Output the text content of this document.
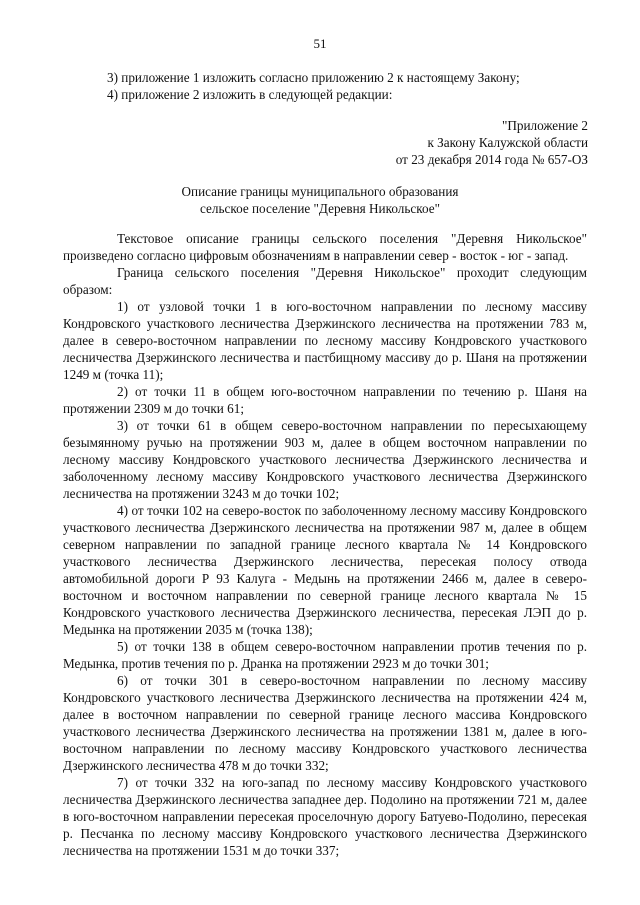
51
3) приложение 1 изложить согласно приложению 2 к настоящему Закону;
4) приложение 2 изложить в следующей редакции:
"Приложение 2
к Закону Калужской области
от 23 декабря 2014 года № 657-ОЗ
Описание границы муниципального образования
сельское поселение "Деревня Никольское"

Текстовое описание границы сельского поселения "Деревня Никольское" произведено согласно цифровым обозначениям в направлении север - восток - юг - запад.

Граница сельского поселения "Деревня Никольское" проходит следующим образом:

1) от узловой точки 1 в юго-восточном направлении по лесному массиву Кондровского участкового лесничества Дзержинского лесничества на протяжении 783 м, далее в северо-восточном направлении по лесному массиву Кондровского участкового лесничества Дзержинского лесничества и пастбищному массиву до р. Шаня на протяжении 1249 м (точка 11);

2) от точки 11 в общем юго-восточном направлении по течению р. Шаня на протяжении 2309 м до точки 61;

3) от точки 61 в общем северо-восточном направлении по пересыхающему безымянному ручью на протяжении 903 м, далее в общем восточном направлении по лесному массиву Кондровского участкового лесничества Дзержинского лесничества и заболоченному лесному массиву Кондровского участкового лесничества Дзержинского лесничества на протяжении 3243 м до точки 102;

4) от точки 102 на северо-восток по заболоченному лесному массиву Кондровского участкового лесничества Дзержинского лесничества на протяжении 987 м, далее в общем северном направлении по западной границе лесного квартала № 14 Кондровского участкового лесничества Дзержинского лесничества, пересекая полосу отвода автомобильной дороги Р 93 Калуга - Медынь на протяжении 2466 м, далее в северо-восточном и восточном направлении по северной границе лесного квартала № 15 Кондровского участкового лесничества Дзержинского лесничества, пересекая ЛЭП до р. Медынка на протяжении 2035 м (точка 138);

5) от точки 138 в общем северо-восточном направлении против течения по р. Медынка, против течения по р. Дранка на протяжении 2923 м до точки 301;

6) от точки 301 в северо-восточном направлении по лесному массиву Кондровского участкового лесничества Дзержинского лесничества на протяжении 424 м, далее в восточном направлении по северной границе лесного массива Кондровского участкового лесничества Дзержинского лесничества на протяжении 1381 м, далее в юго-восточном направлении по лесному массиву Кондровского участкового лесничества Дзержинского лесничества 478 м до точки 332;

7) от точки 332 на юго-запад по лесному массиву Кондровского участкового лесничества Дзержинского лесничества западнее дер. Подолино на протяжении 721 м, далее в юго-восточном направлении пересекая проселочную дорогу Батуево-Подолино, пересекая р. Песчанка по лесному массиву Кондровского участкового лесничества Дзержинского лесничества на протяжении 1531 м до точки 337;
